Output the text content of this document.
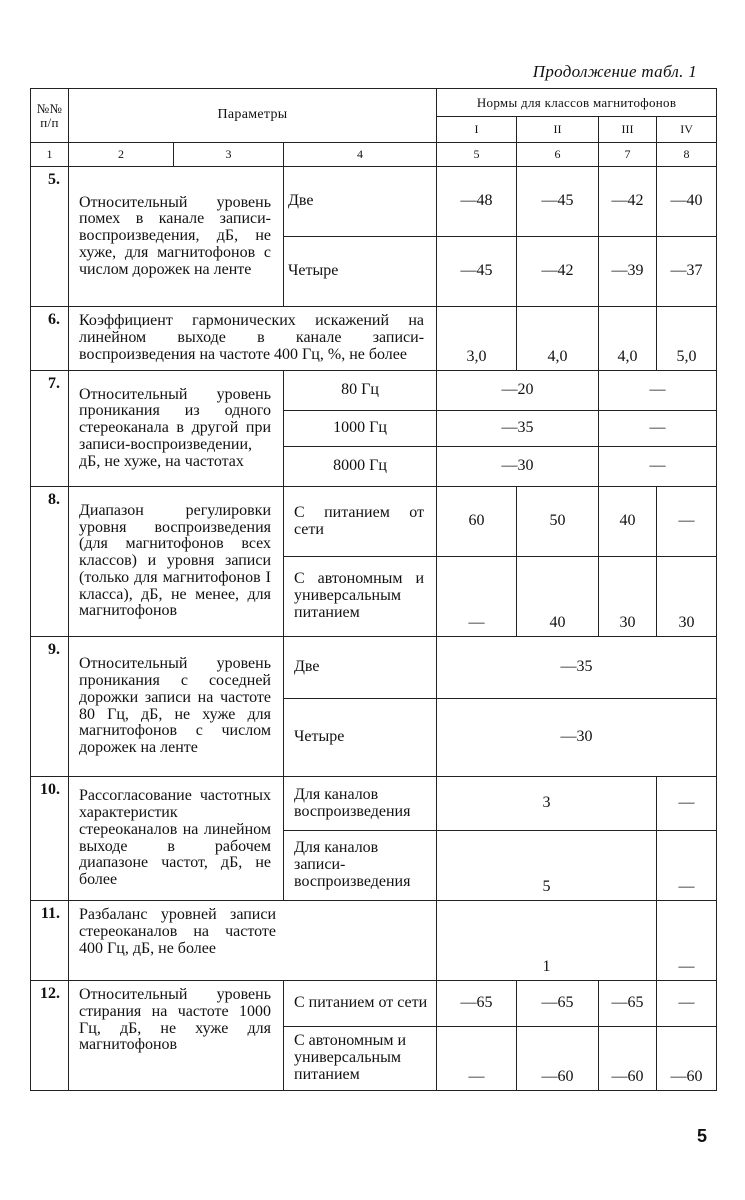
Продолжение табл. 1
№№ п/п	Параметры			Нормы для классов магнитофонов			
				I	II	III	IV
1	2	3	4	5	6	7	8
5.	Относительный уровень помех в канале записи-воспроизведения, дБ, не хуже, для магнитофонов с числом дорожек на ленте		Две	—48	—45	—42	—40
			Четыре	—45	—42	—39	—37
6.	Коэффициент гармонических искажений на линейном выходе в канале записи-воспроизведения на частоте 400 Гц, %, не более			3,0	4,0	4,0	5,0
7.	Относительный уровень проникания из одного стереоканала в другой при записи-воспроизведении, дБ, не хуже, на частотах		80 Гц	—20		—	
			1000 Гц	—35		—	
			8000 Гц	—30		—	
8.	Диапазон регулировки уровня воспроизведения (для магнитофонов всех классов) и уровня записи (только для магнитофонов I класса), дБ, не менее, для магнитофонов		С питанием от сети	60	50	40	—
			С автономным и универсальным питанием	—	40	30	30
9.	Относительный уровень проникания с соседней дорожки записи на частоте 80 Гц, дБ, не хуже для магнитофонов с числом дорожек на ленте		Две	—35			
			Четыре	—30			
10.	Рассогласование частотных характеристик стереоканалов на линейном выходе в рабочем диапазоне частот, дБ, не более		Для каналов воспроизведения	3			—
			Для каналов записи-воспроизведения	5			—
11.	Разбаланс уровней записи стереоканалов на частоте 400 Гц, дБ, не более			1			—
12.	Относительный уровень стирания на частоте 1000 Гц, дБ, не хуже для магнитофонов		С питанием от сети	—65	—65	—65	—
			С автономным и универсальным питанием	—	—60	—60	—60
5
